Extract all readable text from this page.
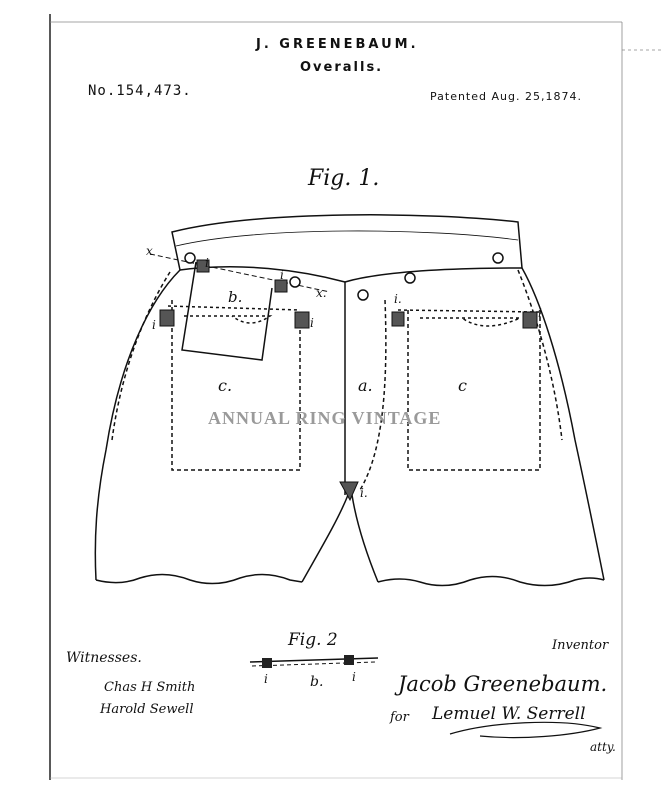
J. GREENEBAUM.
Overalls.
No.154,473.	Patented Aug. 25,1874.
Fig. 1.
x
x.
b.
i
i
i	i
i.
i
i.
c.	a.	c
ANNUAL RING VINTAGE
Fig. 2
i	b. i
Witnesses.
Chas H Smith
Harold Sewell
Inventor
Jacob Greenebaum.
for Lemuel W. Serrell
atty.
